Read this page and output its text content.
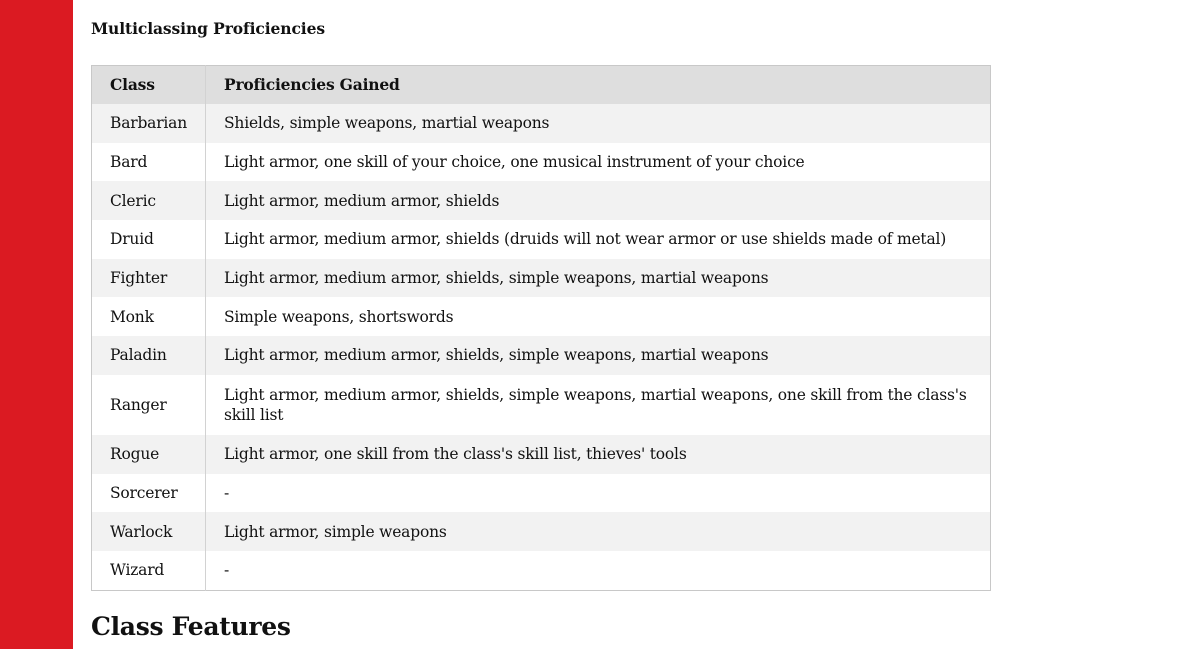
Multiclassing Proficiencies
Class	Proficiencies Gained
Barbarian	Shields, simple weapons, martial weapons
Bard	Light armor, one skill of your choice, one musical instrument of your choice
Cleric	Light armor, medium armor, shields
Druid	Light armor, medium armor, shields (druids will not wear armor or use shields made of metal)
Fighter	Light armor, medium armor, shields, simple weapons, martial weapons
Monk	Simple weapons, shortswords
Paladin	Light armor, medium armor, shields, simple weapons, martial weapons
Ranger	Light armor, medium armor, shields, simple weapons, martial weapons, one skill from the class's skill list
Rogue	Light armor, one skill from the class's skill list, thieves' tools
Sorcerer	-
Warlock	Light armor, simple weapons
Wizard	-
Class Features
